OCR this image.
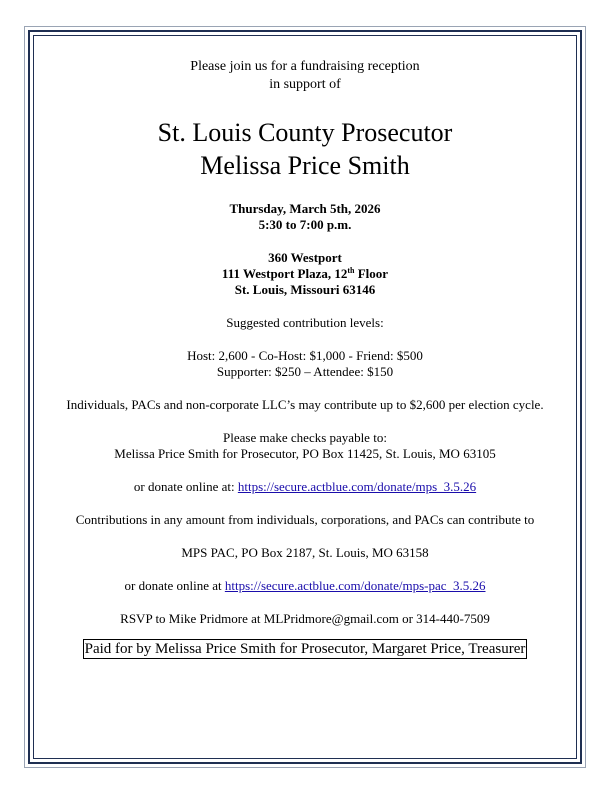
Please join us for a fundraising reception

in support of

St. Louis County Prosecutor
Melissa Price Smith

Thursday, March 5th, 2026

5:30 to 7:00 p.m.

360 Westport

111 Westport Plaza, 12th Floor

St. Louis, Missouri 63146

Suggested contribution levels:

Host: 2,600 - Co-Host: $1,000 - Friend: $500

Supporter: $250 – Attendee: $150

Individuals, PACs and non-corporate LLC’s may contribute up to $2,600 per election cycle.

Please make checks payable to:

Melissa Price Smith for Prosecutor, PO Box 11425, St. Louis, MO 63105

or donate online at: https://secure.actblue.com/donate/mps_3.5.26

Contributions in any amount from individuals, corporations, and PACs can contribute to

MPS PAC, PO Box 2187, St. Louis, MO 63158

or donate online at https://secure.actblue.com/donate/mps-pac_3.5.26

RSVP to Mike Pridmore at MLPridmore@gmail.com or 314-440-7509

Paid for by Melissa Price Smith for Prosecutor, Margaret Price, Treasurer
